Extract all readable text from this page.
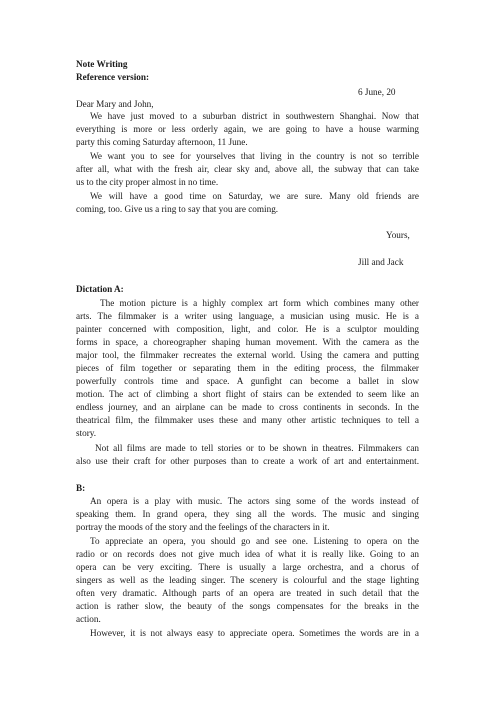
Note Writing
Reference version:
6 June, 20
Dear Mary and John,
We have just moved to a suburban district in southwestern Shanghai. Now that
everything is more or less orderly again, we are going to have a house warming
party this coming Saturday afternoon, 11 June.
We want you to see for yourselves that living in the country is not so terrible
after all, what with the fresh air, clear sky and, above all, the subway that can take
us to the city proper almost in no time.
We will have a good time on Saturday, we are sure. Many old friends are
coming, too. Give us a ring to say that you are coming.
Yours,
Jill and Jack
Dictation A:
The motion picture is a highly complex art form which combines many other
arts. The filmmaker is a writer using language, a musician using music. He is a
painter concerned with composition, light, and color. He is a sculptor moulding
forms in space, a choreographer shaping human movement. With the camera as the
major tool, the filmmaker recreates the external world. Using the camera and putting
pieces of film together or separating them in the editing process, the filmmaker
powerfully controls time and space. A gunfight can become a ballet in slow
motion. The act of climbing a short flight of stairs can be extended to seem like an
endless journey, and an airplane can be made to cross continents in seconds. In the
theatrical film, the filmmaker uses these and many other artistic techniques to tell a
story.
Not all films are made to tell stories or to be shown in theatres. Filmmakers can
also use their craft for other purposes than to create a work of art and entertainment.
B:
An opera is a play with music. The actors sing some of the words instead of
speaking them. In grand opera, they sing all the words. The music and singing
portray the moods of the story and the feelings of the characters in it.
To appreciate an opera, you should go and see one. Listening to opera on the
radio or on records does not give much idea of what it is really like. Going to an
opera can be very exciting. There is usually a large orchestra, and a chorus of
singers as well as the leading singer. The scenery is colourful and the stage lighting
often very dramatic. Although parts of an opera are treated in such detail that the
action is rather slow, the beauty of the songs compensates for the breaks in the
action.
However, it is not always easy to appreciate opera. Sometimes the words are in a
